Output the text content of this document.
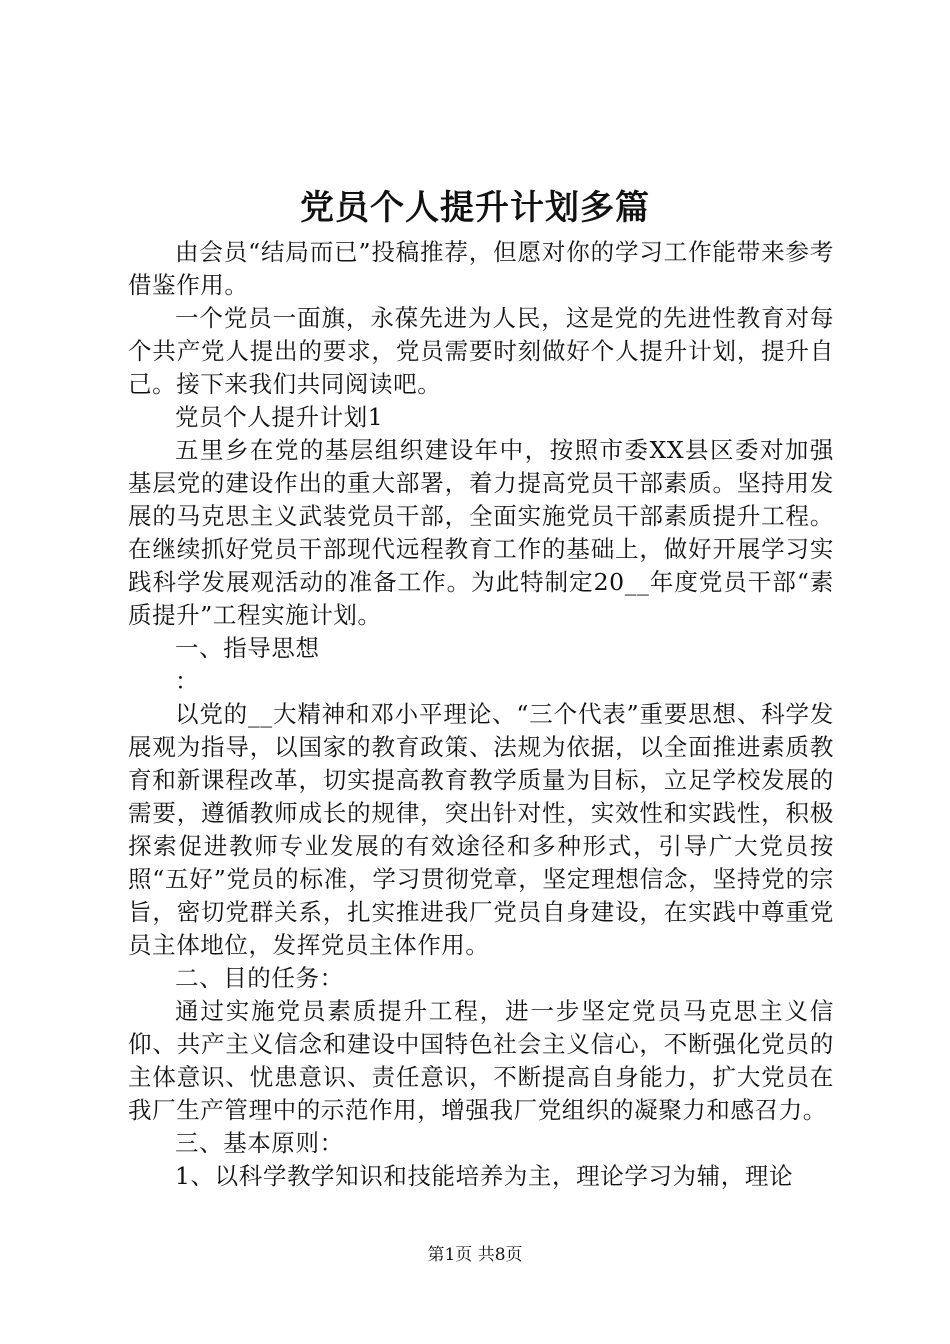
党员个人提升计划多篇

由会员“结局而已”投稿推荐，但愿对你的学习工作能带来参考借鉴作用。

一个党员一面旗，永葆先进为人民，这是党的先进性教育对每个共产党人提出的要求，党员需要时刻做好个人提升计划，提升自己。接下来我们共同阅读吧。

党员个人提升计划1

五里乡在党的基层组织建设年中，按照市委XX县区委对加强基层党的建设作出的重大部署，着力提高党员干部素质。坚持用发展的马克思主义武装党员干部，全面实施党员干部素质提升工程。在继续抓好党员干部现代远程教育工作的基础上，做好开展学习实践科学发展观活动的准备工作。为此特制定20__年度党员干部“素质提升”工程实施计划。

一、指导思想

：

以党的__大精神和邓小平理论、“三个代表”重要思想、科学发展观为指导，以国家的教育政策、法规为依据，以全面推进素质教育和新课程改革，切实提高教育教学质量为目标，立足学校发展的需要，遵循教师成长的规律，突出针对性，实效性和实践性，积极探索促进教师专业发展的有效途径和多种形式，引导广大党员按照“五好”党员的标准，学习贯彻党章，坚定理想信念，坚持党的宗旨，密切党群关系，扎实推进我厂党员自身建设，在实践中尊重党员主体地位，发挥党员主体作用。

二、目的任务：

通过实施党员素质提升工程，进一步坚定党员马克思主义信仰、共产主义信念和建设中国特色社会主义信心，不断强化党员的主体意识、忧患意识、责任意识，不断提高自身能力，扩大党员在我厂生产管理中的示范作用，增强我厂党组织的凝聚力和感召力。

三、基本原则：

1、以科学教学知识和技能培养为主，理论学习为辅，理论

第1页 共8页
